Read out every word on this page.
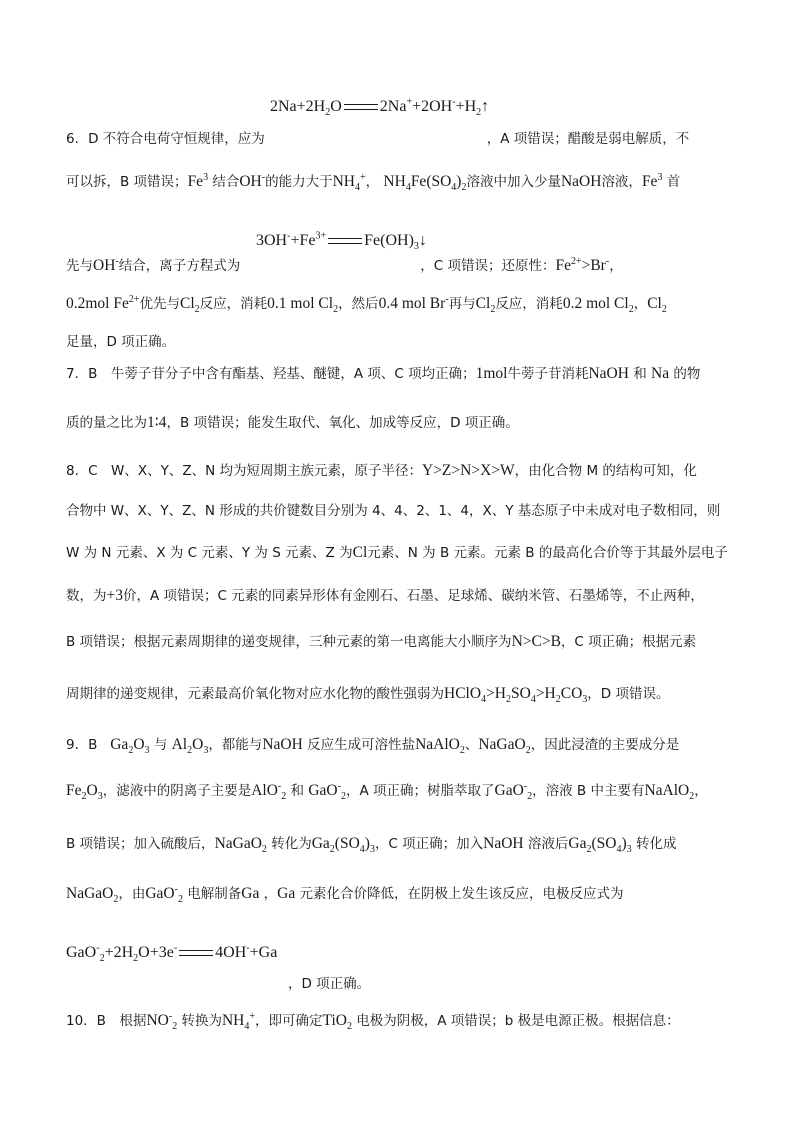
$2Na+2H_2O$ $2Na^++2OH^-+H_2↑$
6．D 不符合电荷守恒规律，应为	，A 项错误；醋酸是弱电解质，不
可以拆，B 项错误；Fe$^3$ 结合OH-的能力大于$NH_4^+$， $NH_4Fe(SO_4)_2$溶液中加入少量NaOH溶液，Fe$^3$ 首
$3OH^-+Fe^{3+}$ $Fe(OH)_3↓$
先与OH-结合，离子方程式为	，C 项错误；还原性：$Fe^{2+}>Br^-$，
0.2mol $Fe^{2+}$优先与$Cl_2$反应，消耗0.1 mol $Cl_2$，然后0.4 mol Br-再与$Cl_2$反应，消耗0.2 mol $Cl_2$，$Cl_2$
足量，D 项正确。
7．B　牛蒡子苷分子中含有酯基、羟基、醚键，A 项、C 项均正确；1mol牛蒡子苷消耗NaOH 和 Na 的物
质的量之比为1∶4，B 项错误；能发生取代、氧化、加成等反应，D 项正确。
8．C　W、X、Y、Z、N 均为短周期主族元素，原子半径：Y>Z>N>X>W，由化合物 M 的结构可知，化
合物中 W、X、Y、Z、N 形成的共价键数目分别为 4、4、2、1、4，X、Y 基态原子中未成对电子数相同，则
W 为 N 元素、X 为 C 元素、Y 为 S 元素、Z 为Cl元素、N 为 B 元素。元素 B 的最高化合价等于其最外层电子
数，为+3价，A 项错误；C 元素的同素异形体有金刚石、石墨、足球烯、碳纳米管、石墨烯等，不止两种，
B 项错误；根据元素周期律的递变规律，三种元素的第一电离能大小顺序为N>C>B，C 项正确；根据元素
周期律的递变规律，元素最高价氧化物对应水化物的酸性强弱为$HClO_4>H_2SO_4>H_2CO_3$，D 项错误。
9．B $Ga_2O_3$ 与 $Al_2O_3$，都能与NaOH 反应生成可溶性盐NaAlO$_2$、NaGaO$_2$，因此浸渣的主要成分是
$Fe_2O_3$，滤液中的阴离子主要是AlO-$_2$ 和 GaO-$_2$，A 项正确；树脂萃取了GaO-$_2$，溶液 B 中主要有NaAlO$_2$，
B 项错误；加入硫酸后，NaGaO$_2$ 转化为$Ga_2(SO_4)_3$，C 项正确；加入NaOH 溶液后$Ga_2(SO_4)_3$ 转化成
NaGaO$_2$，由GaO-$_2$ 电解制备Ga ，Ga 元素化合价降低，在阴极上发生该反应，电极反应式为
$GaO^-_2+2H_2O+3e^-$ 4OH-+Ga
，D 项正确。
10．B　根据$NO^-_2$ 转换为$NH_4^+$，即可确定TiO$_2$ 电极为阴极，A 项错误；b 极是电源正极。根据信息：
